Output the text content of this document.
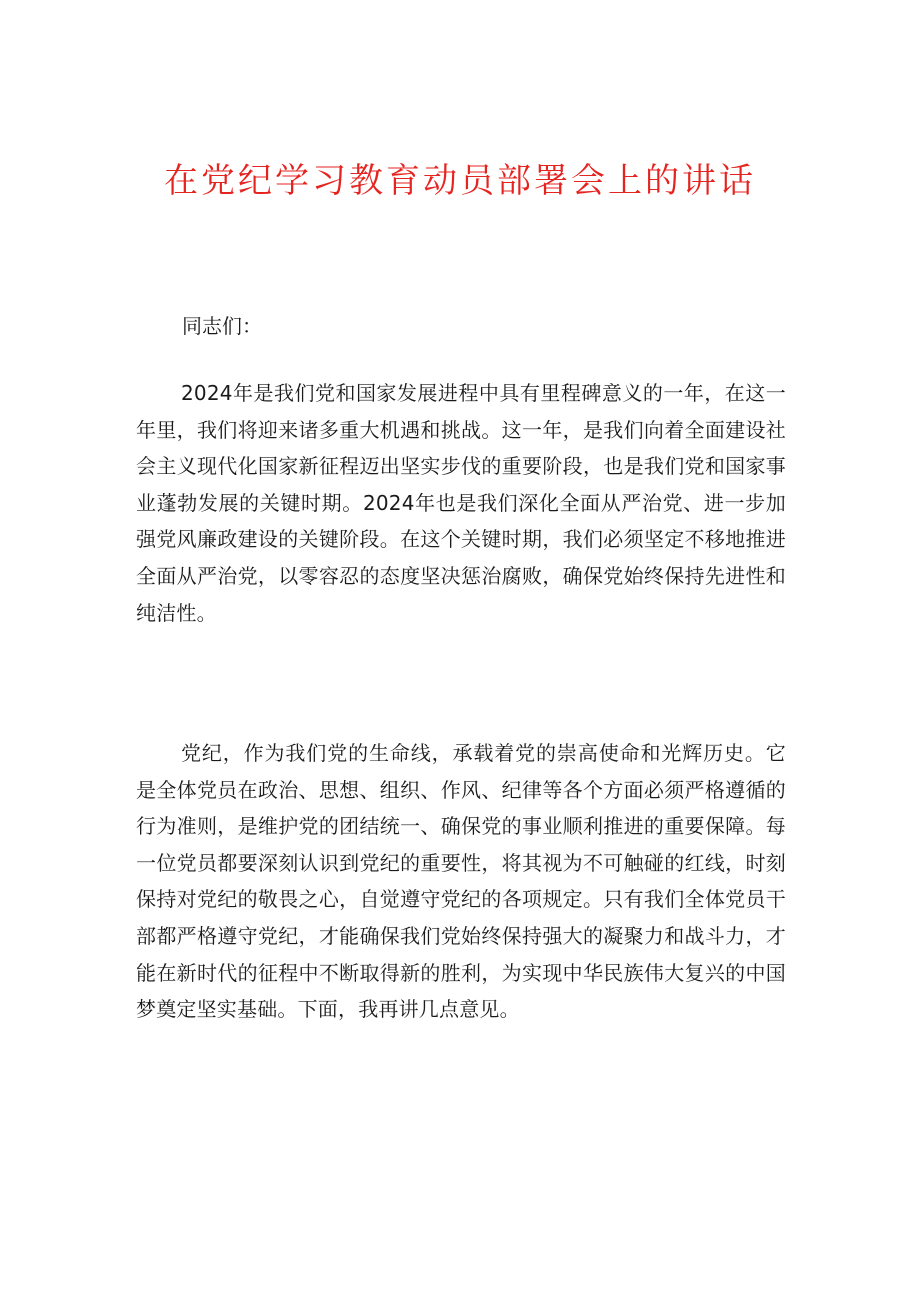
在党纪学习教育动员部署会上的讲话

同志们：

2024年是我们党和国家发展进程中具有里程碑意义的一年，在这一年里，我们将迎来诸多重大机遇和挑战。这一年，是我们向着全面建设社会主义现代化国家新征程迈出坚实步伐的重要阶段，也是我们党和国家事业蓬勃发展的关键时期。2024年也是我们深化全面从严治党、进一步加强党风廉政建设的关键阶段。在这个关键时期，我们必须坚定不移地推进全面从严治党，以零容忍的态度坚决惩治腐败，确保党始终保持先进性和纯洁性。

党纪，作为我们党的生命线，承载着党的崇高使命和光辉历史。它是全体党员在政治、思想、组织、作风、纪律等各个方面必须严格遵循的行为准则，是维护党的团结统一、确保党的事业顺利推进的重要保障。每一位党员都要深刻认识到党纪的重要性，将其视为不可触碰的红线，时刻保持对党纪的敬畏之心，自觉遵守党纪的各项规定。只有我们全体党员干部都严格遵守党纪，才能确保我们党始终保持强大的凝聚力和战斗力，才能在新时代的征程中不断取得新的胜利，为实现中华民族伟大复兴的中国梦奠定坚实基础。下面，我再讲几点意见。
